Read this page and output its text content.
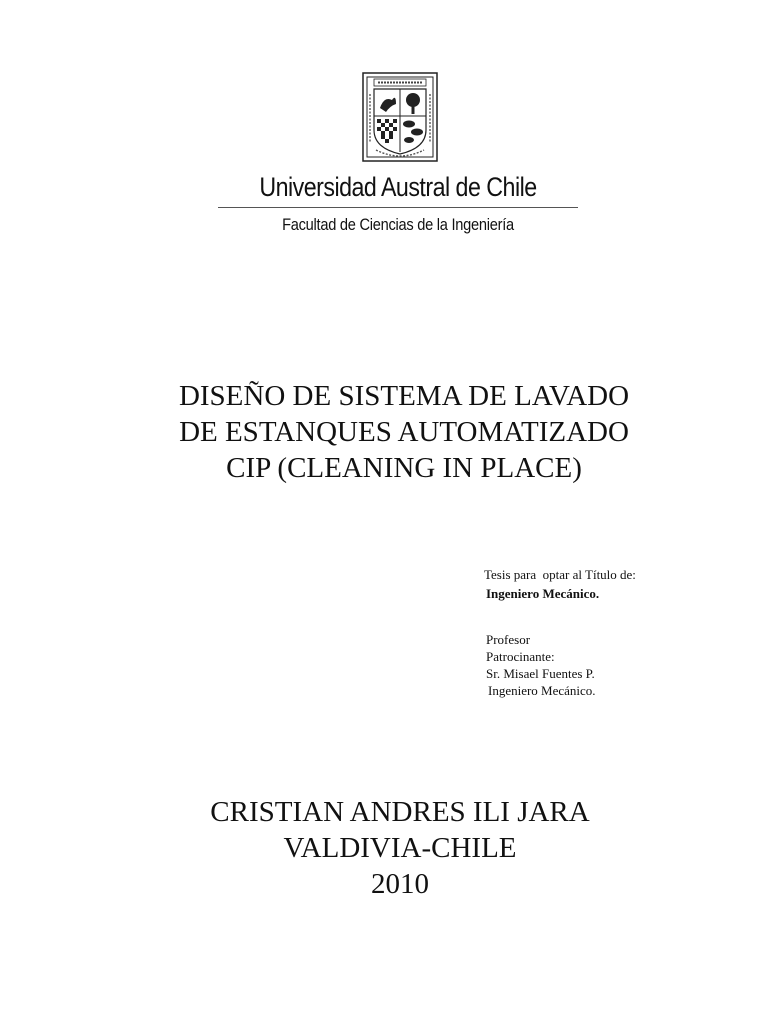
Universidad Austral de Chile
Facultad de Ciencias de la Ingeniería
DISEÑO DE SISTEMA DE LAVADO
DE ESTANQUES AUTOMATIZADO
CIP (CLEANING IN PLACE)
Tesis para  optar al Título de:
Ingeniero Mecánico.
Profesor
Patrocinante:
Sr. Misael Fuentes P.
Ingeniero Mecánico.
CRISTIAN ANDRES ILI JARA
VALDIVIA-CHILE
2010
